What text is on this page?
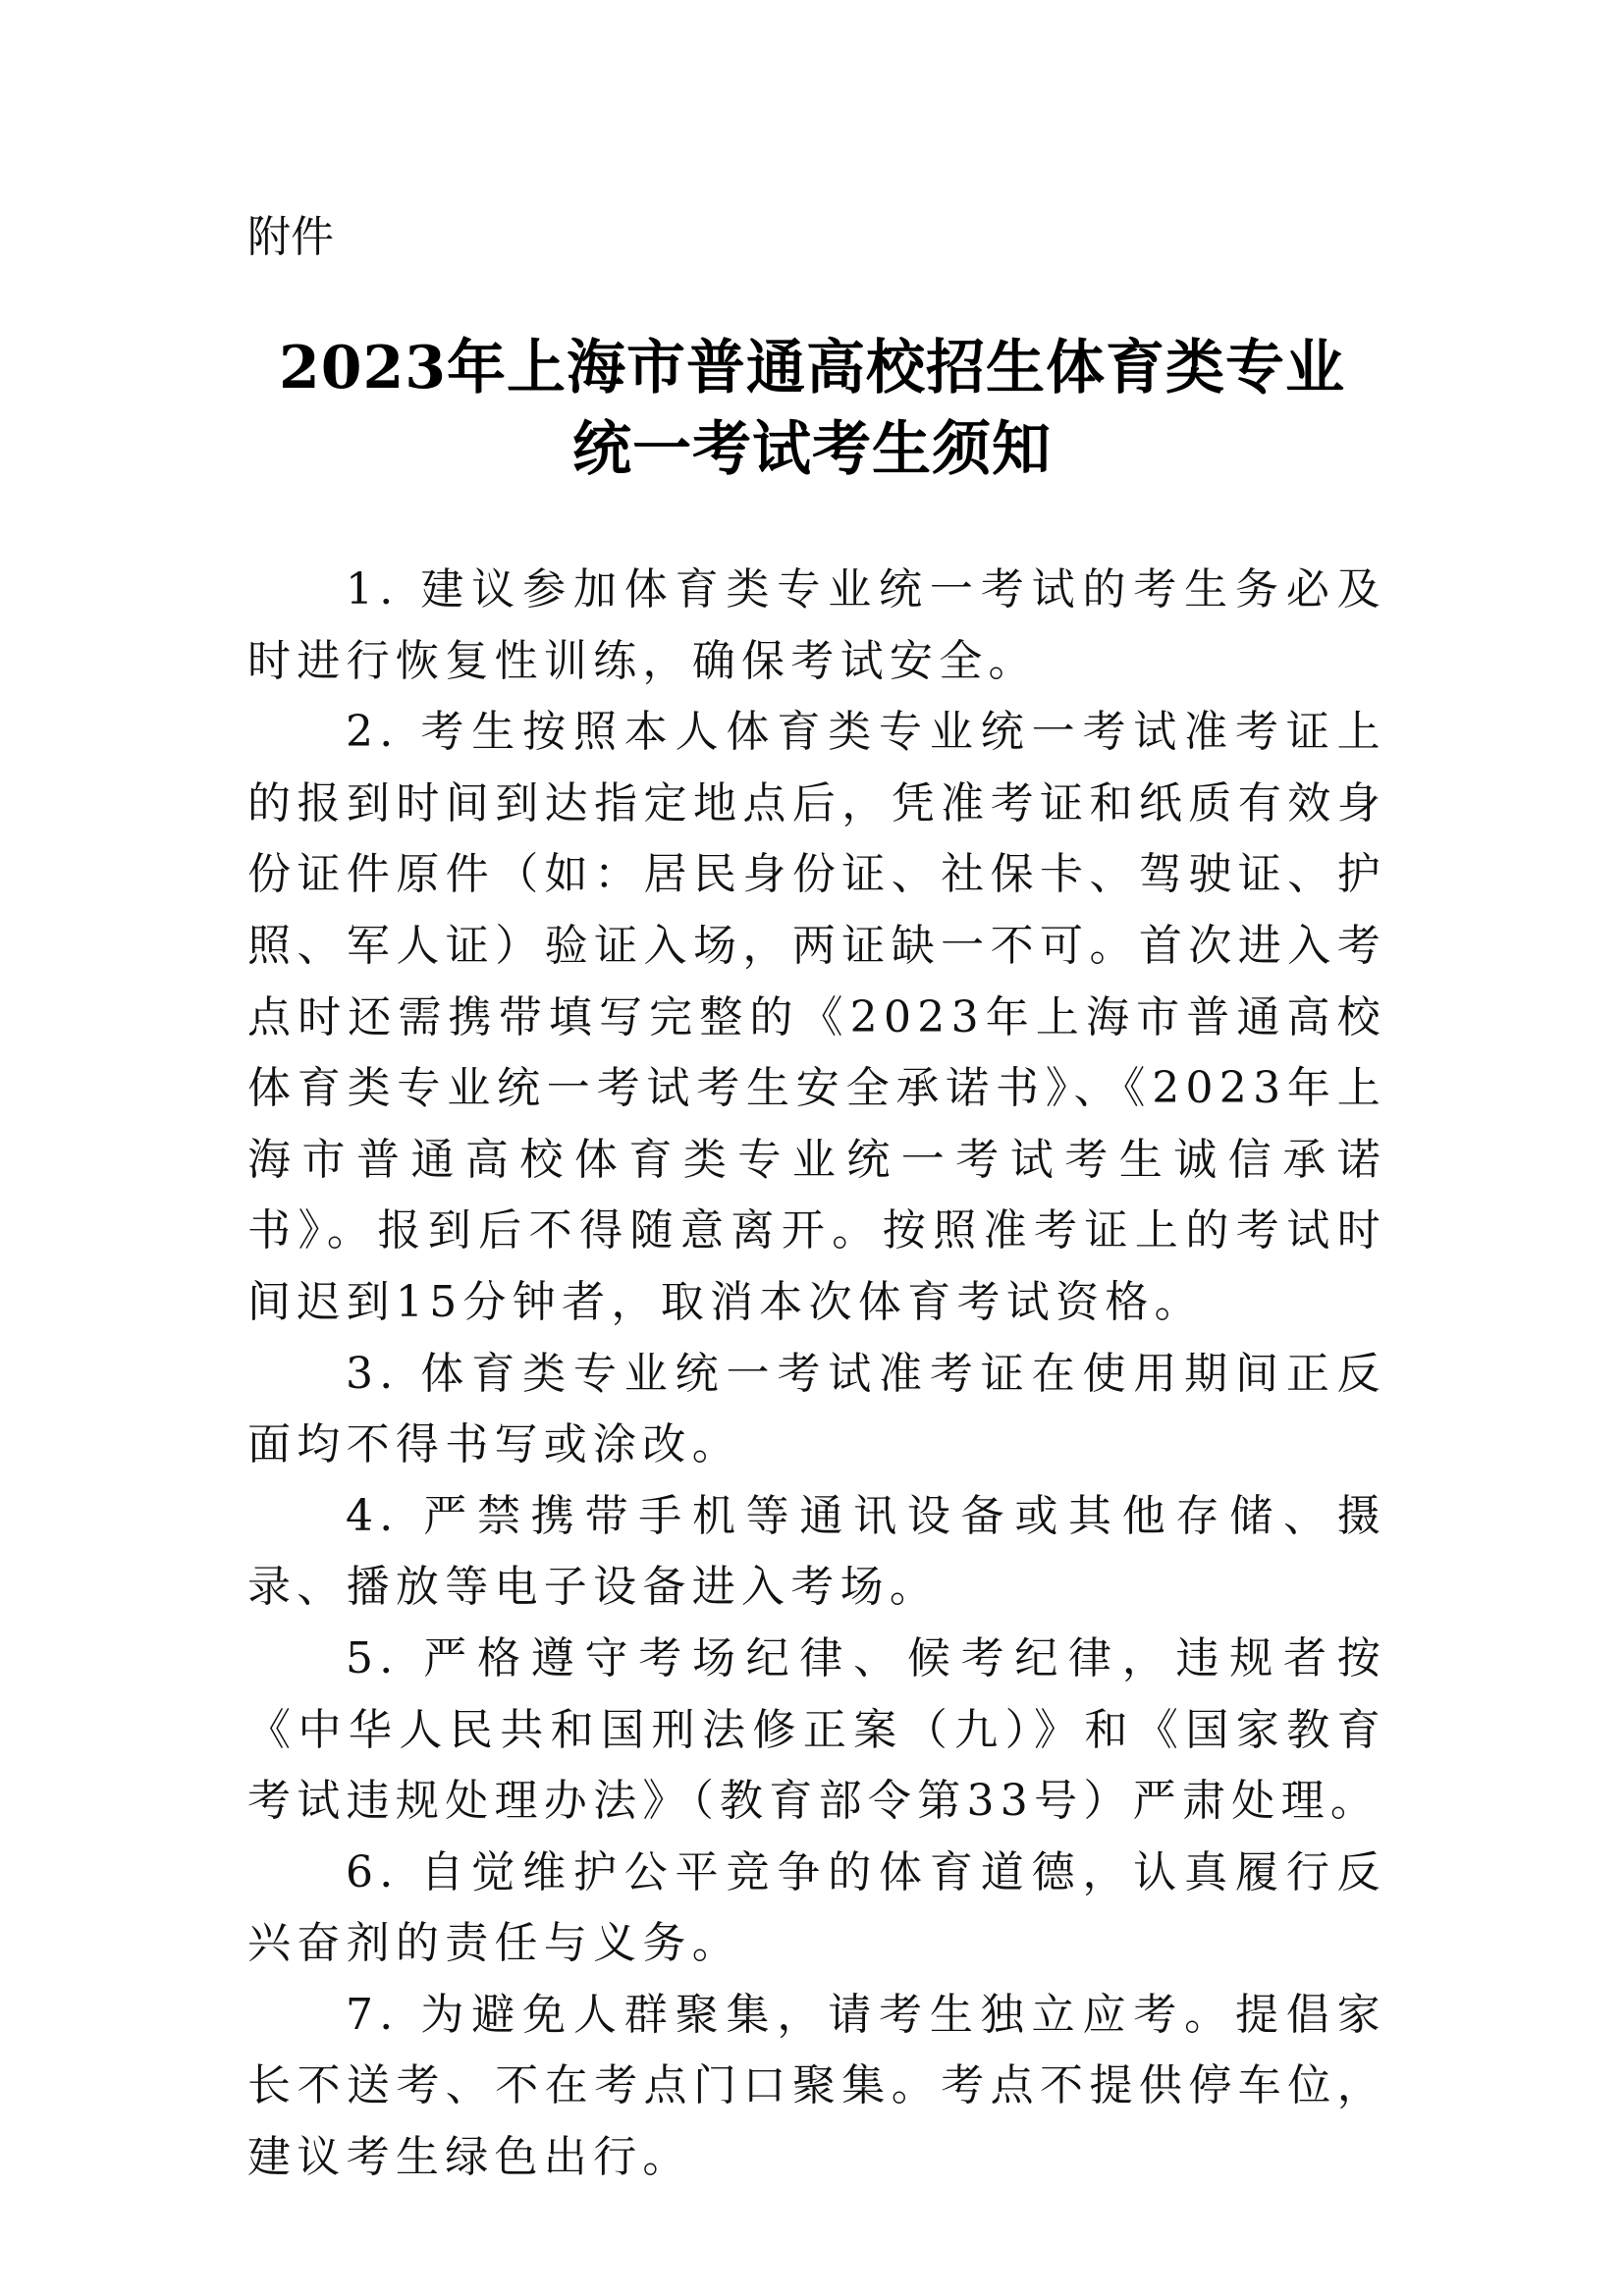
附件
2023年上海市普通高校招生体育类专业
统一考试考生须知

1. 建议参加体育类专业统一考试的考生务必及时进行恢复性训练，确保考试安全。

2. 考生按照本人体育类专业统一考试准考证上的报到时间到达指定地点后，凭准考证和纸质有效身份证件原件（如：居民身份证、社保卡、驾驶证、护照、军人证）验证入场，两证缺一不可。首次进入考点时还需携带填写完整的《2023年上海市普通高校体育类专业统一考试考生安全承诺书》、《2023年上海市普通高校体育类专业统一考试考生诚信承诺书》。报到后不得随意离开。按照准考证上的考试时间迟到15分钟者，取消本次体育考试资格。

3. 体育类专业统一考试准考证在使用期间正反面均不得书写或涂改。

4. 严禁携带手机等通讯设备或其他存储、摄录、播放等电子设备进入考场。

5. 严格遵守考场纪律、候考纪律，违规者按《中华人民共和国刑法修正案（九）》和《国家教育考试违规处理办法》（教育部令第33号）严肃处理。

6. 自觉维护公平竞争的体育道德，认真履行反兴奋剂的责任与义务。

7. 为避免人群聚集，请考生独立应考。提倡家长不送考、不在考点门口聚集。考点不提供停车位，建议考生绿色出行。
